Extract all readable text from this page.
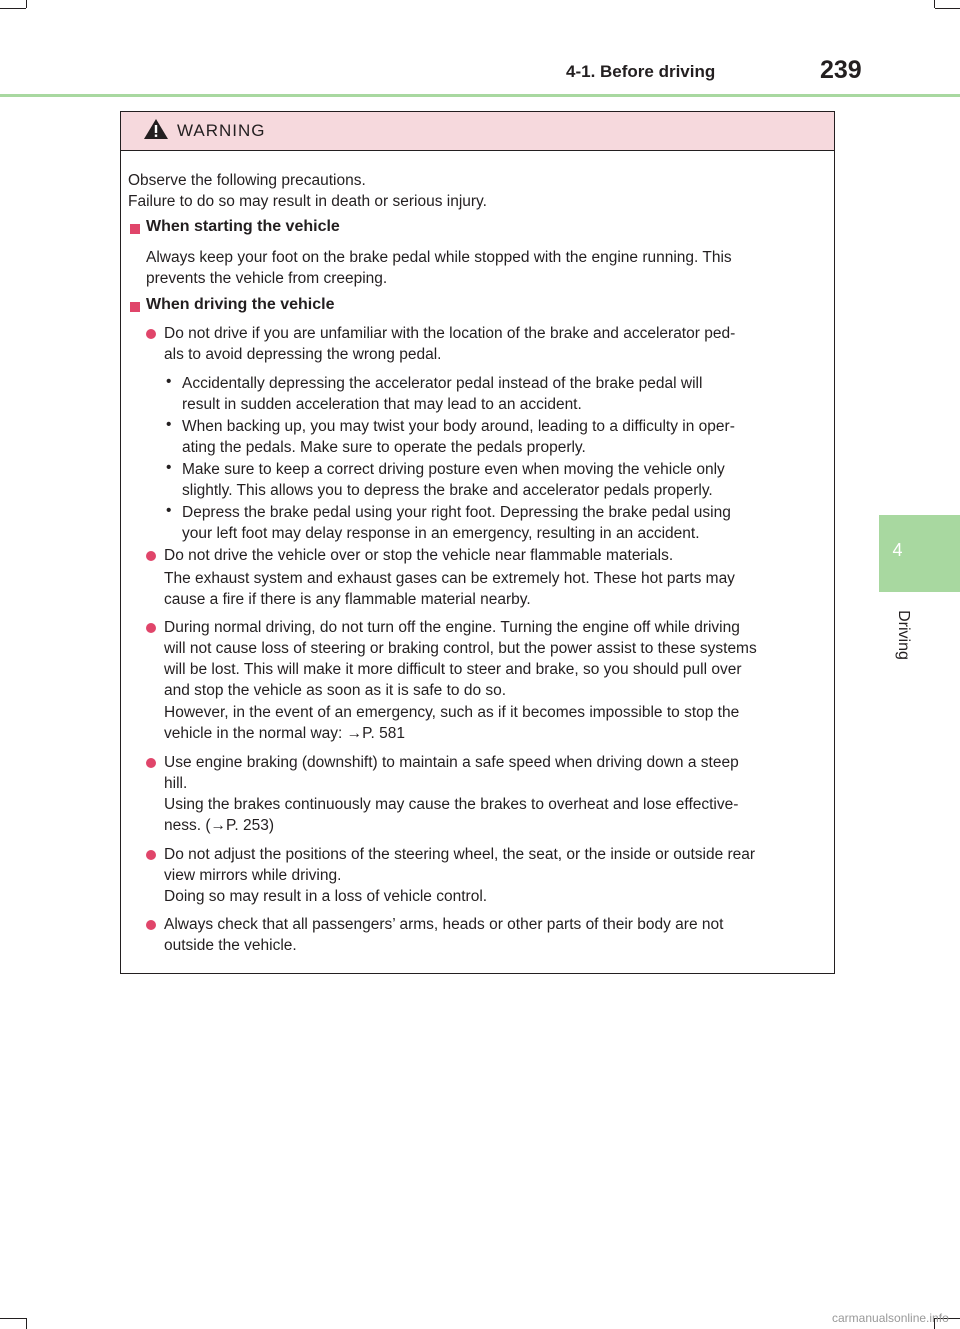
4-1. Before driving	239
4
Driving
WARNING
Observe the following precautions.
Failure to do so may result in death or serious injury.
When starting the vehicle
Always keep your foot on the brake pedal while stopped with the engine running. This
prevents the vehicle from creeping.
When driving the vehicle
Do not drive if you are unfamiliar with the location of the brake and accelerator ped-
als to avoid depressing the wrong pedal.
• Accidentally depressing the accelerator pedal instead of the brake pedal will
result in sudden acceleration that may lead to an accident.
• When backing up, you may twist your body around, leading to a difficulty in oper-
ating the pedals. Make sure to operate the pedals properly.
• Make sure to keep a correct driving posture even when moving the vehicle only
slightly. This allows you to depress the brake and accelerator pedals properly.
• Depress the brake pedal using your right foot. Depressing the brake pedal using
your left foot may delay response in an emergency, resulting in an accident.
Do not drive the vehicle over or stop the vehicle near flammable materials.
The exhaust system and exhaust gases can be extremely hot. These hot parts may
cause a fire if there is any flammable material nearby.
During normal driving, do not turn off the engine. Turning the engine off while driving
will not cause loss of steering or braking control, but the power assist to these systems
will be lost. This will make it more difficult to steer and brake, so you should pull over
and stop the vehicle as soon as it is safe to do so.
However, in the event of an emergency, such as if it becomes impossible to stop the
vehicle in the normal way: →P. 581
Use engine braking (downshift) to maintain a safe speed when driving down a steep
hill.
Using the brakes continuously may cause the brakes to overheat and lose effective-
ness. (→P. 253)
Do not adjust the positions of the steering wheel, the seat, or the inside or outside rear
view mirrors while driving.
Doing so may result in a loss of vehicle control.
Always check that all passengers’ arms, heads or other parts of their body are not
outside the vehicle.
carmanualsonline.info
